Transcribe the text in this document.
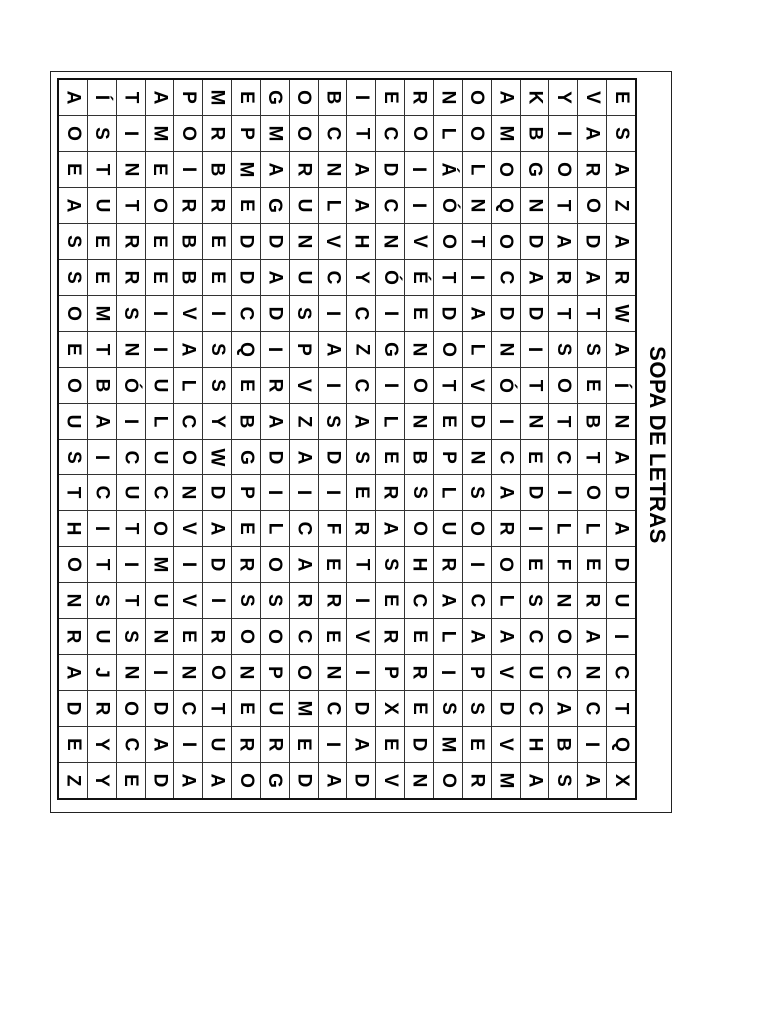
A Í T A P M E G O B I E R N O A K Y V E
O S I M O R P M O C T C O L O M B I A S
E T N E I B M A R N A D I Á L O G O R A
A U T O R R E G U L A C I Ó N Q N T O Z
S E R E B E D D N V H N V O T O D A D A
S E R E B E D A U C Y Ó É T I C A R A R
O M S I V I C D S I C I E D A D D T T W
E T N I A S Q I P A Z G N O L N I S S A
O B Ó U L S E R V I C I O T V Ó T O E Í
U A I L C Y B A Z S A L N E D I N T B N
S I C U O W G D A D S E B P N C E C T A
T C U C N D P I I I E R S L S A D I O D
H I T O V A E L C F R A O U O R I L L A
O T I M I D R O A E T S H R I O E F E D
N S T U V I S S R R I E C A C L S N R U
R U S N E R O O C E V R E L A A C O A I
A J N I N O N P O N I P R I P V U C N C
D R O D C T E U M C D X E S S D C A C T
E Y C A I U R R E I A E D M E V H B I Q
Z Y E D A A O G D A D V N O R M A S A X
SOPA DE LETRAS
